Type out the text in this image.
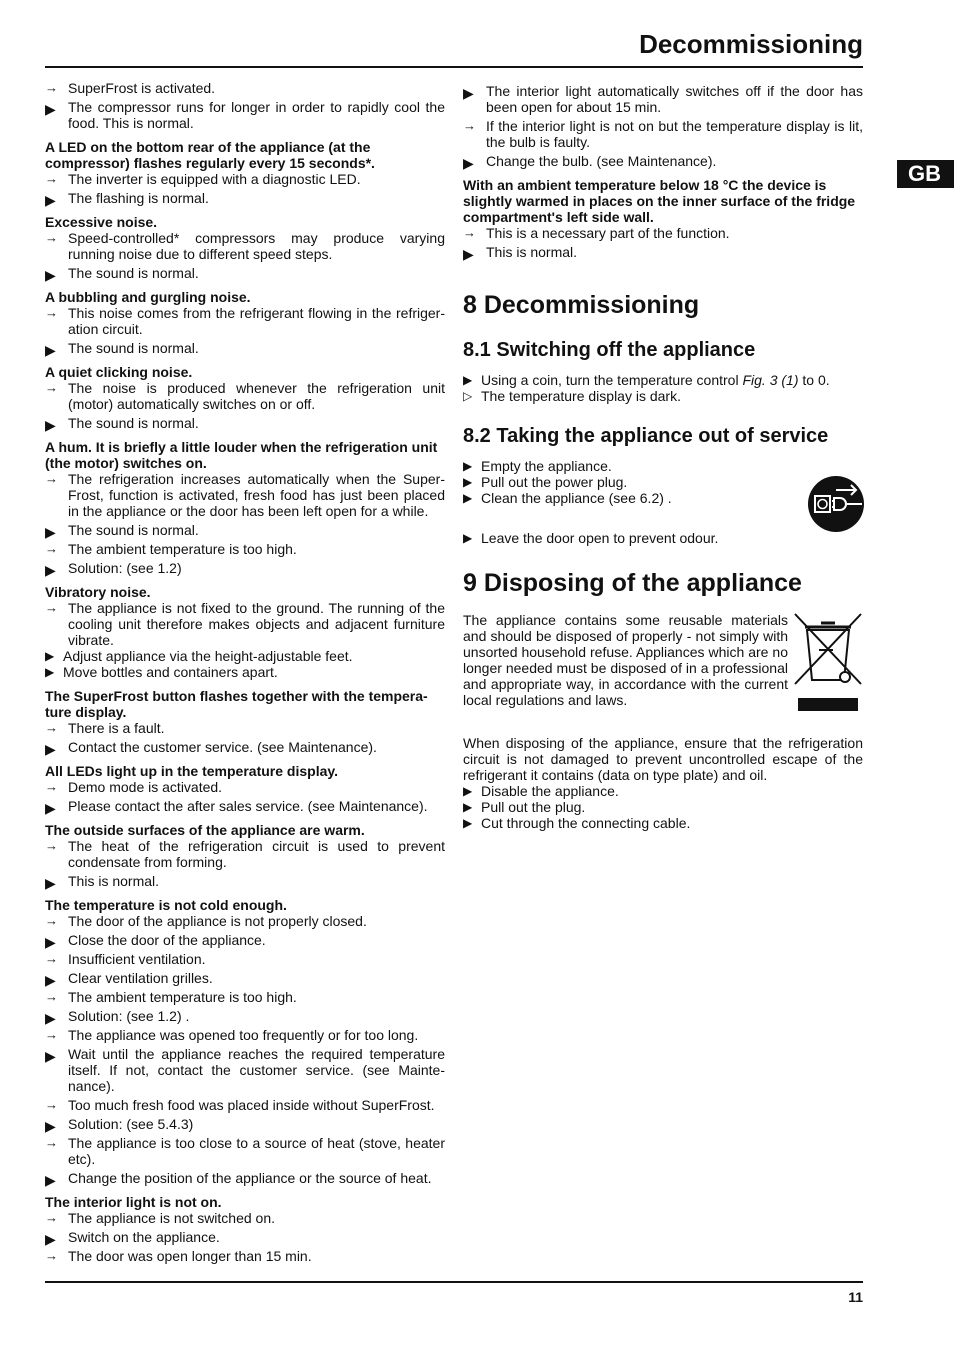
Decommissioning
GB
→ SuperFrost is activated.
▶ The compressor runs for longer in order to rapidly cool the food. This is normal.
A LED on the bottom rear of the appliance (at the compressor) flashes regularly every 15 seconds*.
→ The inverter is equipped with a diagnostic LED.
▶ The flashing is normal.
Excessive noise.
→ Speed-controlled* compressors may produce varying running noise due to different speed steps.
▶ The sound is normal.
A bubbling and gurgling noise.
→ This noise comes from the refrigerant flowing in the refriger-ation circuit.
▶ The sound is normal.
A quiet clicking noise.
→ The noise is produced whenever the refrigeration unit (motor) automatically switches on or off.
▶ The sound is normal.
A hum. It is briefly a little louder when the refrigeration unit (the motor) switches on.
→ The refrigeration increases automatically when the Super-Frost, function is activated, fresh food has just been placed in the appliance or the door has been left open for a while.
▶ The sound is normal.
→ The ambient temperature is too high.
▶ Solution: (see 1.2)
Vibratory noise.
→ The appliance is not fixed to the ground. The running of the cooling unit therefore makes objects and adjacent furniture vibrate.
▶ Adjust appliance via the height-adjustable feet.
▶ Move bottles and containers apart.
The SuperFrost button flashes together with the tempera-ture display.
→ There is a fault.
▶ Contact the customer service. (see Maintenance).
All LEDs light up in the temperature display.
→ Demo mode is activated.
▶ Please contact the after sales service. (see Maintenance).
The outside surfaces of the appliance are warm.
→ The heat of the refrigeration circuit is used to prevent condensate from forming.
▶ This is normal.
The temperature is not cold enough.
→ The door of the appliance is not properly closed.
▶ Close the door of the appliance.
→ Insufficient ventilation.
▶ Clear ventilation grilles.
→ The ambient temperature is too high.
▶ Solution: (see 1.2) .
→ The appliance was opened too frequently or for too long.
▶ Wait until the appliance reaches the required temperature itself. If not, contact the customer service. (see Mainte-nance).
→ Too much fresh food was placed inside without SuperFrost.
▶ Solution: (see 5.4.3)
→ The appliance is too close to a source of heat (stove, heater etc).
▶ Change the position of the appliance or the source of heat.
The interior light is not on.
→ The appliance is not switched on.
▶ Switch on the appliance.
→ The door was open longer than 15 min.
▶ The interior light automatically switches off if the door has been open for about 15 min.
→ If the interior light is not on but the temperature display is lit, the bulb is faulty.
▶ Change the bulb. (see Maintenance).
With an ambient temperature below 18 °C the device is slightly warmed in places on the inner surface of the fridge compartment's left side wall.
→ This is a necessary part of the function.
▶ This is normal.
8 Decommissioning
8.1 Switching off the appliance
▶ Using a coin, turn the temperature control Fig. 3 (1) to 0.
▷ The temperature display is dark.
8.2 Taking the appliance out of service
▶ Empty the appliance.
▶ Pull out the power plug.
▶ Clean the appliance (see 6.2) .
▶ Leave the door open to prevent odour.
9 Disposing of the appliance
The appliance contains some reusable materials and should be disposed of properly - not simply with unsorted household refuse. Appliances which are no longer needed must be disposed of in a professional and appropriate way, in accordance with the current local regulations and laws.
When disposing of the appliance, ensure that the refrigeration circuit is not damaged to prevent uncontrolled escape of the refrigerant it contains (data on type plate) and oil.
▶ Disable the appliance.
▶ Pull out the plug.
▶ Cut through the connecting cable.
11
